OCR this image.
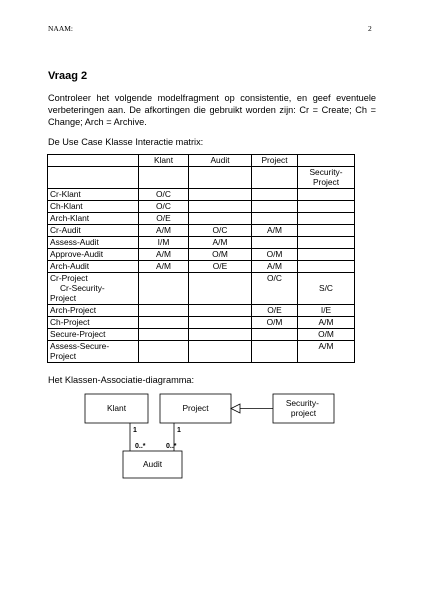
NAAM:	2
Vraag 2
Controleer het volgende modelfragment op consistentie, en geef eventuele
verbeteringen aan. De afkortingen die gebruikt worden zijn: Cr = Create; Ch =
Change; Arch = Archive.
De Use Case Klasse Interactie matrix:
	Klant	Audit	Project	

				Security-
Project

Cr-Klant	O/C			
Ch-Klant	O/C			
Arch-Klant	O/E			
Cr-Audit	A/M	O/C	A/M	
Assess-Audit	I/M	A/M		
Approve-Audit	A/M	O/M	O/M	
Arch-Audit	A/M	O/E	A/M	
Cr-Project
Cr-Security-
Project			O/C	S/C

Arch-Project			O/E	I/E
Ch-Project			O/M	A/M
Secure-Project				O/M

Assess-Secure-
Project				A/M
Het Klassen-Associatie-diagramma:
Klant	Project	Security- project
Audit
1
0..*
1
0..*
